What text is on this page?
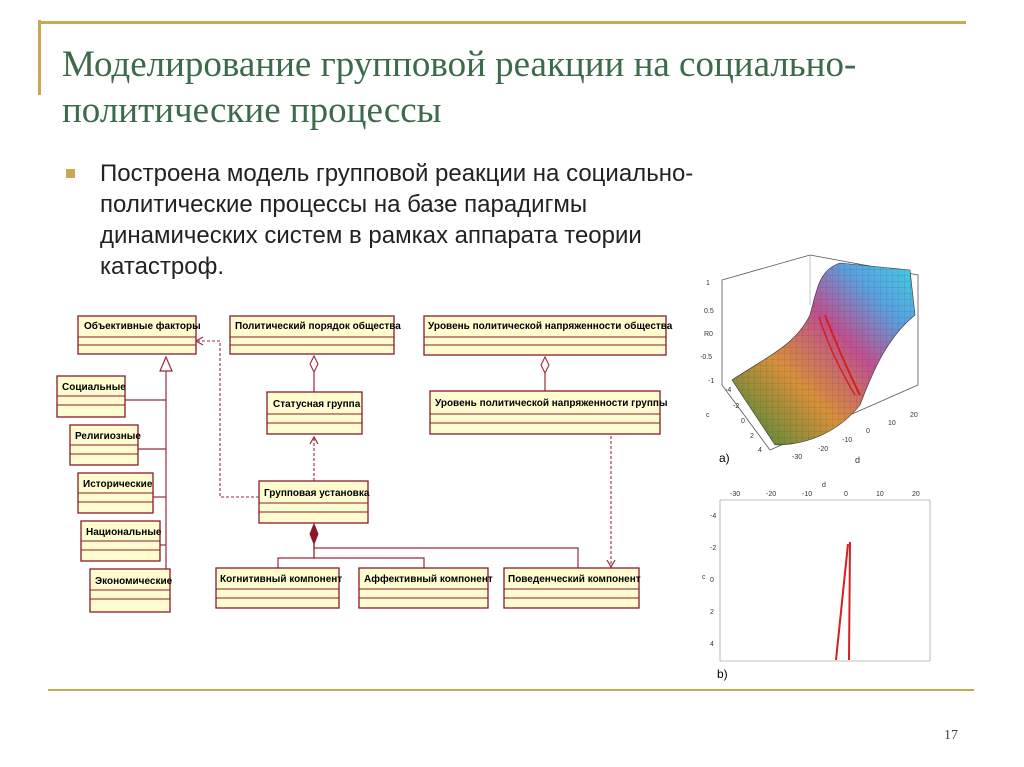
Моделирование групповой реакции на социально-политические процессы
Построена модель групповой реакции на социально-политические процессы на базе парадигмы динамических систем в рамках аппарата теории катастроф.
17
Объективные факторы	Политический порядок общества	Уровень политической напряженности общества
Социальные
Религиозные
Исторические
Национальные
Экономические
Статусная группа	Уровень политической напряженности группы
Групповая установка
Когнитивный компонент Аффективный компонент Поведенческий компонент
1
0.5
R0
-0.5
-1
-4
-2
0
2
4
c
-30
-20
-10
0
10
20
d
a)
d
-30	-20	-10	0	10	20
-4
-2
0
2
4
c
b)
